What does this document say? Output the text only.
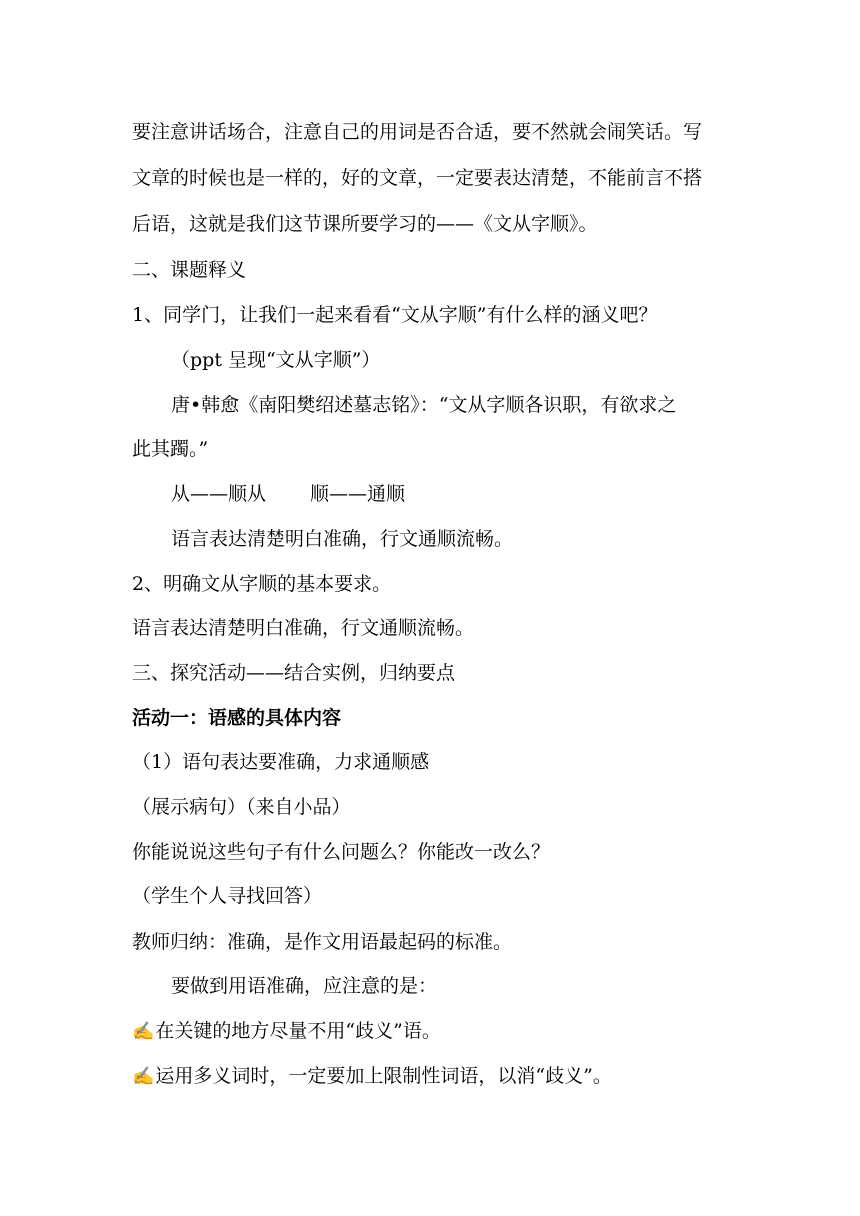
要注意讲话场合，注意自己的用词是否合适，要不然就会闹笑话。写
文章的时候也是一样的，好的文章，一定要表达清楚，不能前言不搭
后语，这就是我们这节课所要学习的——《文从字顺》。
二、课题释义
1、同学门，让我们一起来看看“文从字顺”有什么样的涵义吧？
（ppt 呈现“文从字顺”）
唐•韩愈《南阳樊绍述墓志铭》：“文从字顺各识职，有欲求之
此其躅。”
从——顺从 顺——通顺
语言表达清楚明白准确，行文通顺流畅。
2、明确文从字顺的基本要求。
语言表达清楚明白准确，行文通顺流畅。
三、探究活动——结合实例，归纳要点
活动一：语感的具体内容
（1）语句表达要准确，力求通顺感
（展示病句）（来自小品）
你能说说这些句子有什么问题么？你能改一改么？
（学生个人寻找回答）
教师归纳：准确，是作文用语最起码的标准。
要做到用语准确，应注意的是：
✍在关键的地方尽量不用“歧义”语。
✍运用多义词时，一定要加上限制性词语，以消“歧义”。
